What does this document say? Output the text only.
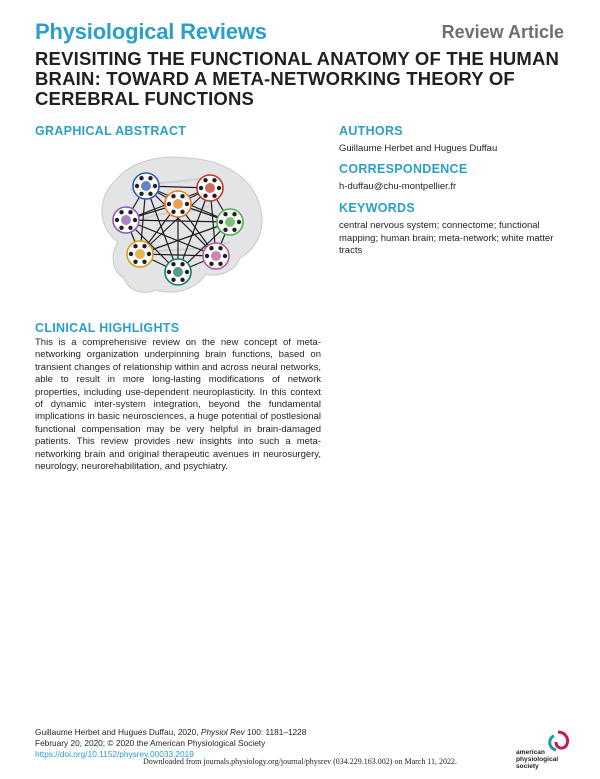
Physiological Reviews	Review Article
REVISITING THE FUNCTIONAL ANATOMY OF THE HUMAN BRAIN: TOWARD A META-NETWORKING THEORY OF CEREBRAL FUNCTIONS
GRAPHICAL ABSTRACT	AUTHORS
Guillaume Herbet and Hugues Duffau
CORRESPONDENCE
h-duffau@chu-montpellier.fr
KEYWORDS
central nervous system; connectome; functional mapping; human brain; meta-network; white matter tracts
CLINICAL HIGHLIGHTS

This is a comprehensive review on the new concept of meta-networking organization underpinning brain functions, based on transient changes of relationship within and across neural networks, able to result in more long-lasting modifications of network properties, including use-dependent neuroplasticity. In this context of dynamic inter-system integration, beyond the fundamental implications in basic neurosciences, a huge potential of postlesional functional compensation may be very helpful in brain-damaged patients. This review provides new insights into such a meta-networking brain and original therapeutic avenues in neurosurgery, neurology, neurorehabilitation, and psychiatry.

Guillaume Herbet and Hugues Duffau, 2020, Physiol Rev 100: 1181–1228
February 20, 2020; © 2020 the American Physiological Society
https://doi.org/10.1152/physrev.00033.2019
Downloaded from journals.physiology.org/journal/physrev (034.229.163.002) on March 11, 2022.
american
physiological
society
